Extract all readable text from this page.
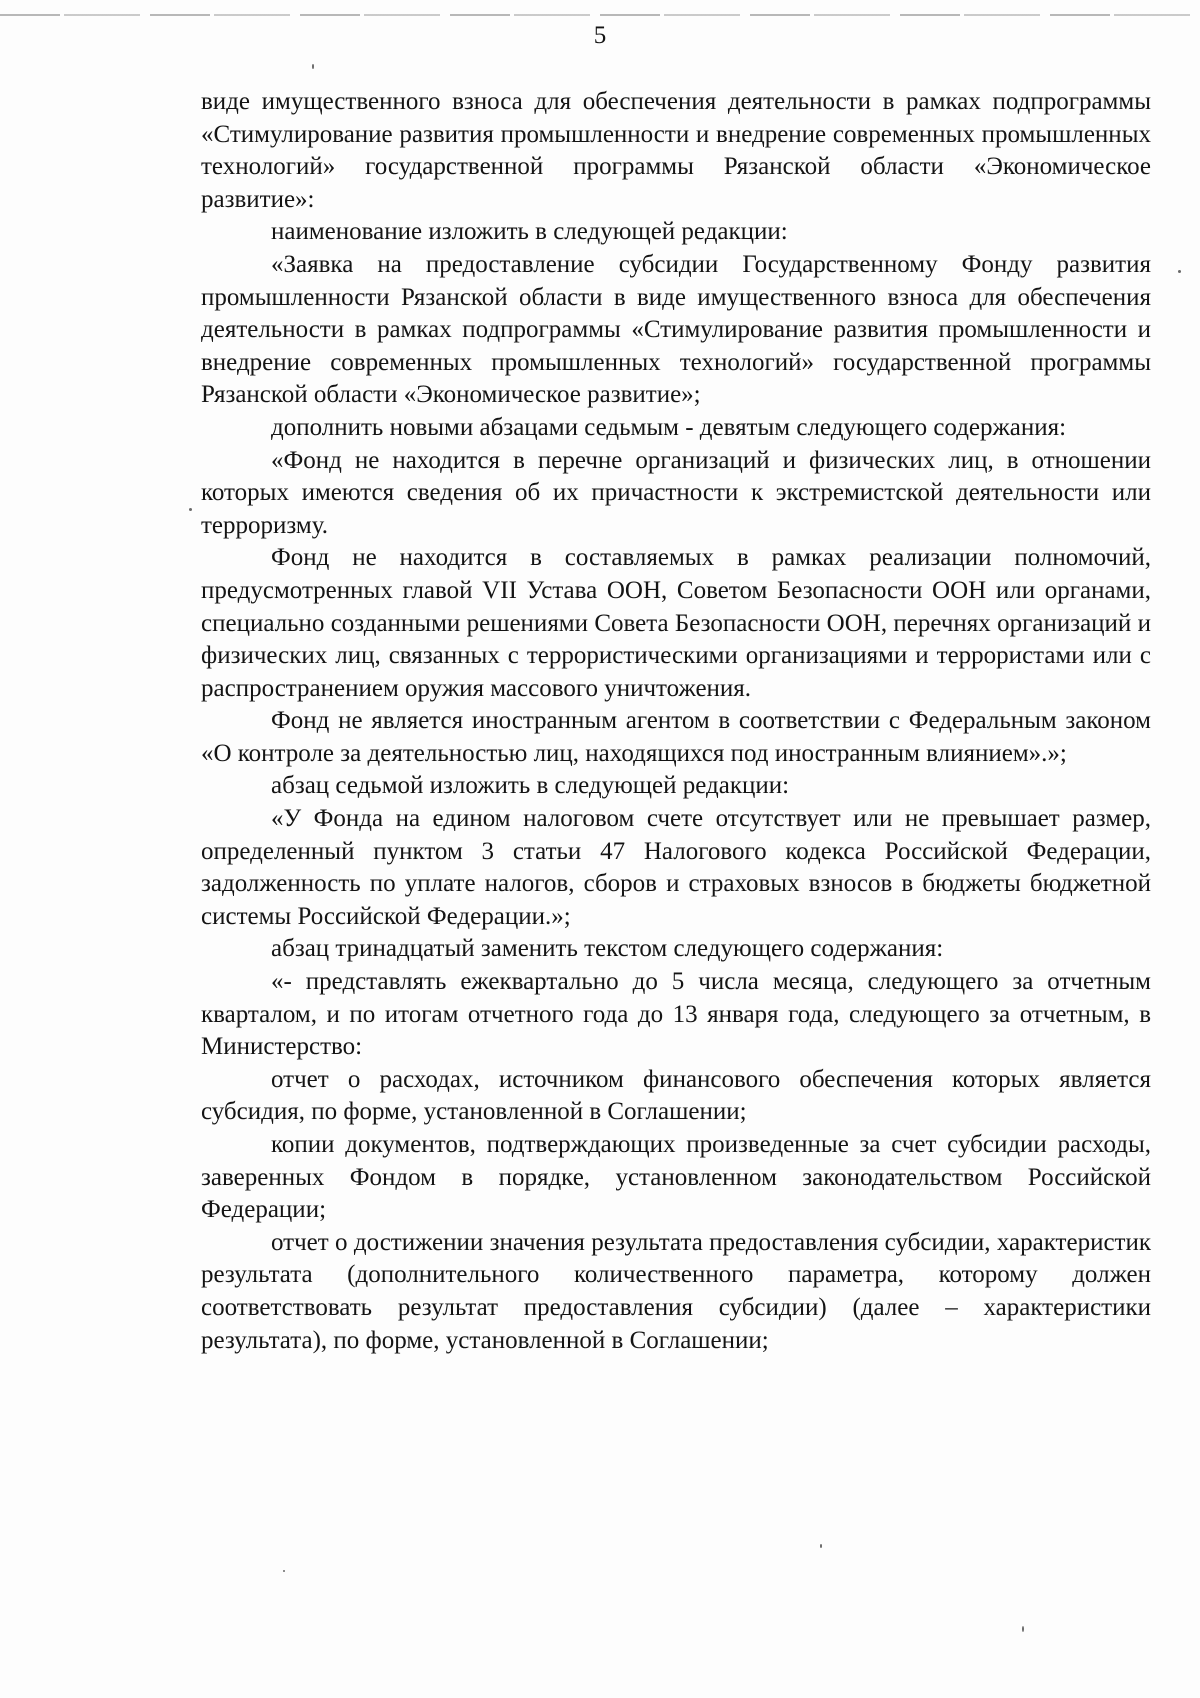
5

виде имущественного взноса для обеспечения деятельности в рамках подпрограммы «Стимулирование развития промышленности и внедрение современных промышленных технологий» государственной программы Рязанской области «Экономическое развитие»:

наименование изложить в следующей редакции:

«Заявка на предоставление субсидии Государственному Фонду развития промышленности Рязанской области в виде имущественного взноса для обеспечения деятельности в рамках подпрограммы «Стимулирование развития промышленности и внедрение современных промышленных технологий» государственной программы Рязанской области «Экономическое развитие»;

дополнить новыми абзацами седьмым - девятым следующего содержания:

«Фонд не находится в перечне организаций и физических лиц, в отношении которых имеются сведения об их причастности к экстремистской деятельности или терроризму.

Фонд не находится в составляемых в рамках реализации полномочий, предусмотренных главой VII Устава ООН, Советом Безопасности ООН или органами, специально созданными решениями Совета Безопасности ООН, перечнях организаций и физических лиц, связанных с террористическими организациями и террористами или с распространением оружия массового уничтожения.

Фонд не является иностранным агентом в соответствии с Федеральным законом «О контроле за деятельностью лиц, находящихся под иностранным влиянием».»;

абзац седьмой изложить в следующей редакции:

«У Фонда на едином налоговом счете отсутствует или не превышает размер, определенный пунктом 3 статьи 47 Налогового кодекса Российской Федерации, задолженность по уплате налогов, сборов и страховых взносов в бюджеты бюджетной системы Российской Федерации.»;

абзац тринадцатый заменить текстом следующего содержания:

«- представлять ежеквартально до 5 числа месяца, следующего за отчетным кварталом, и по итогам отчетного года до 13 января года, следующего за отчетным, в Министерство:

отчет о расходах, источником финансового обеспечения которых является субсидия, по форме, установленной в Соглашении;

копии документов, подтверждающих произведенные за счет субсидии расходы, заверенных Фондом в порядке, установленном законодательством Российской Федерации;

отчет о достижении значения результата предоставления субсидии, характеристик результата (дополнительного количественного параметра, которому должен соответствовать результат предоставления субсидии) (далее – характеристики результата), по форме, установленной в Соглашении;
